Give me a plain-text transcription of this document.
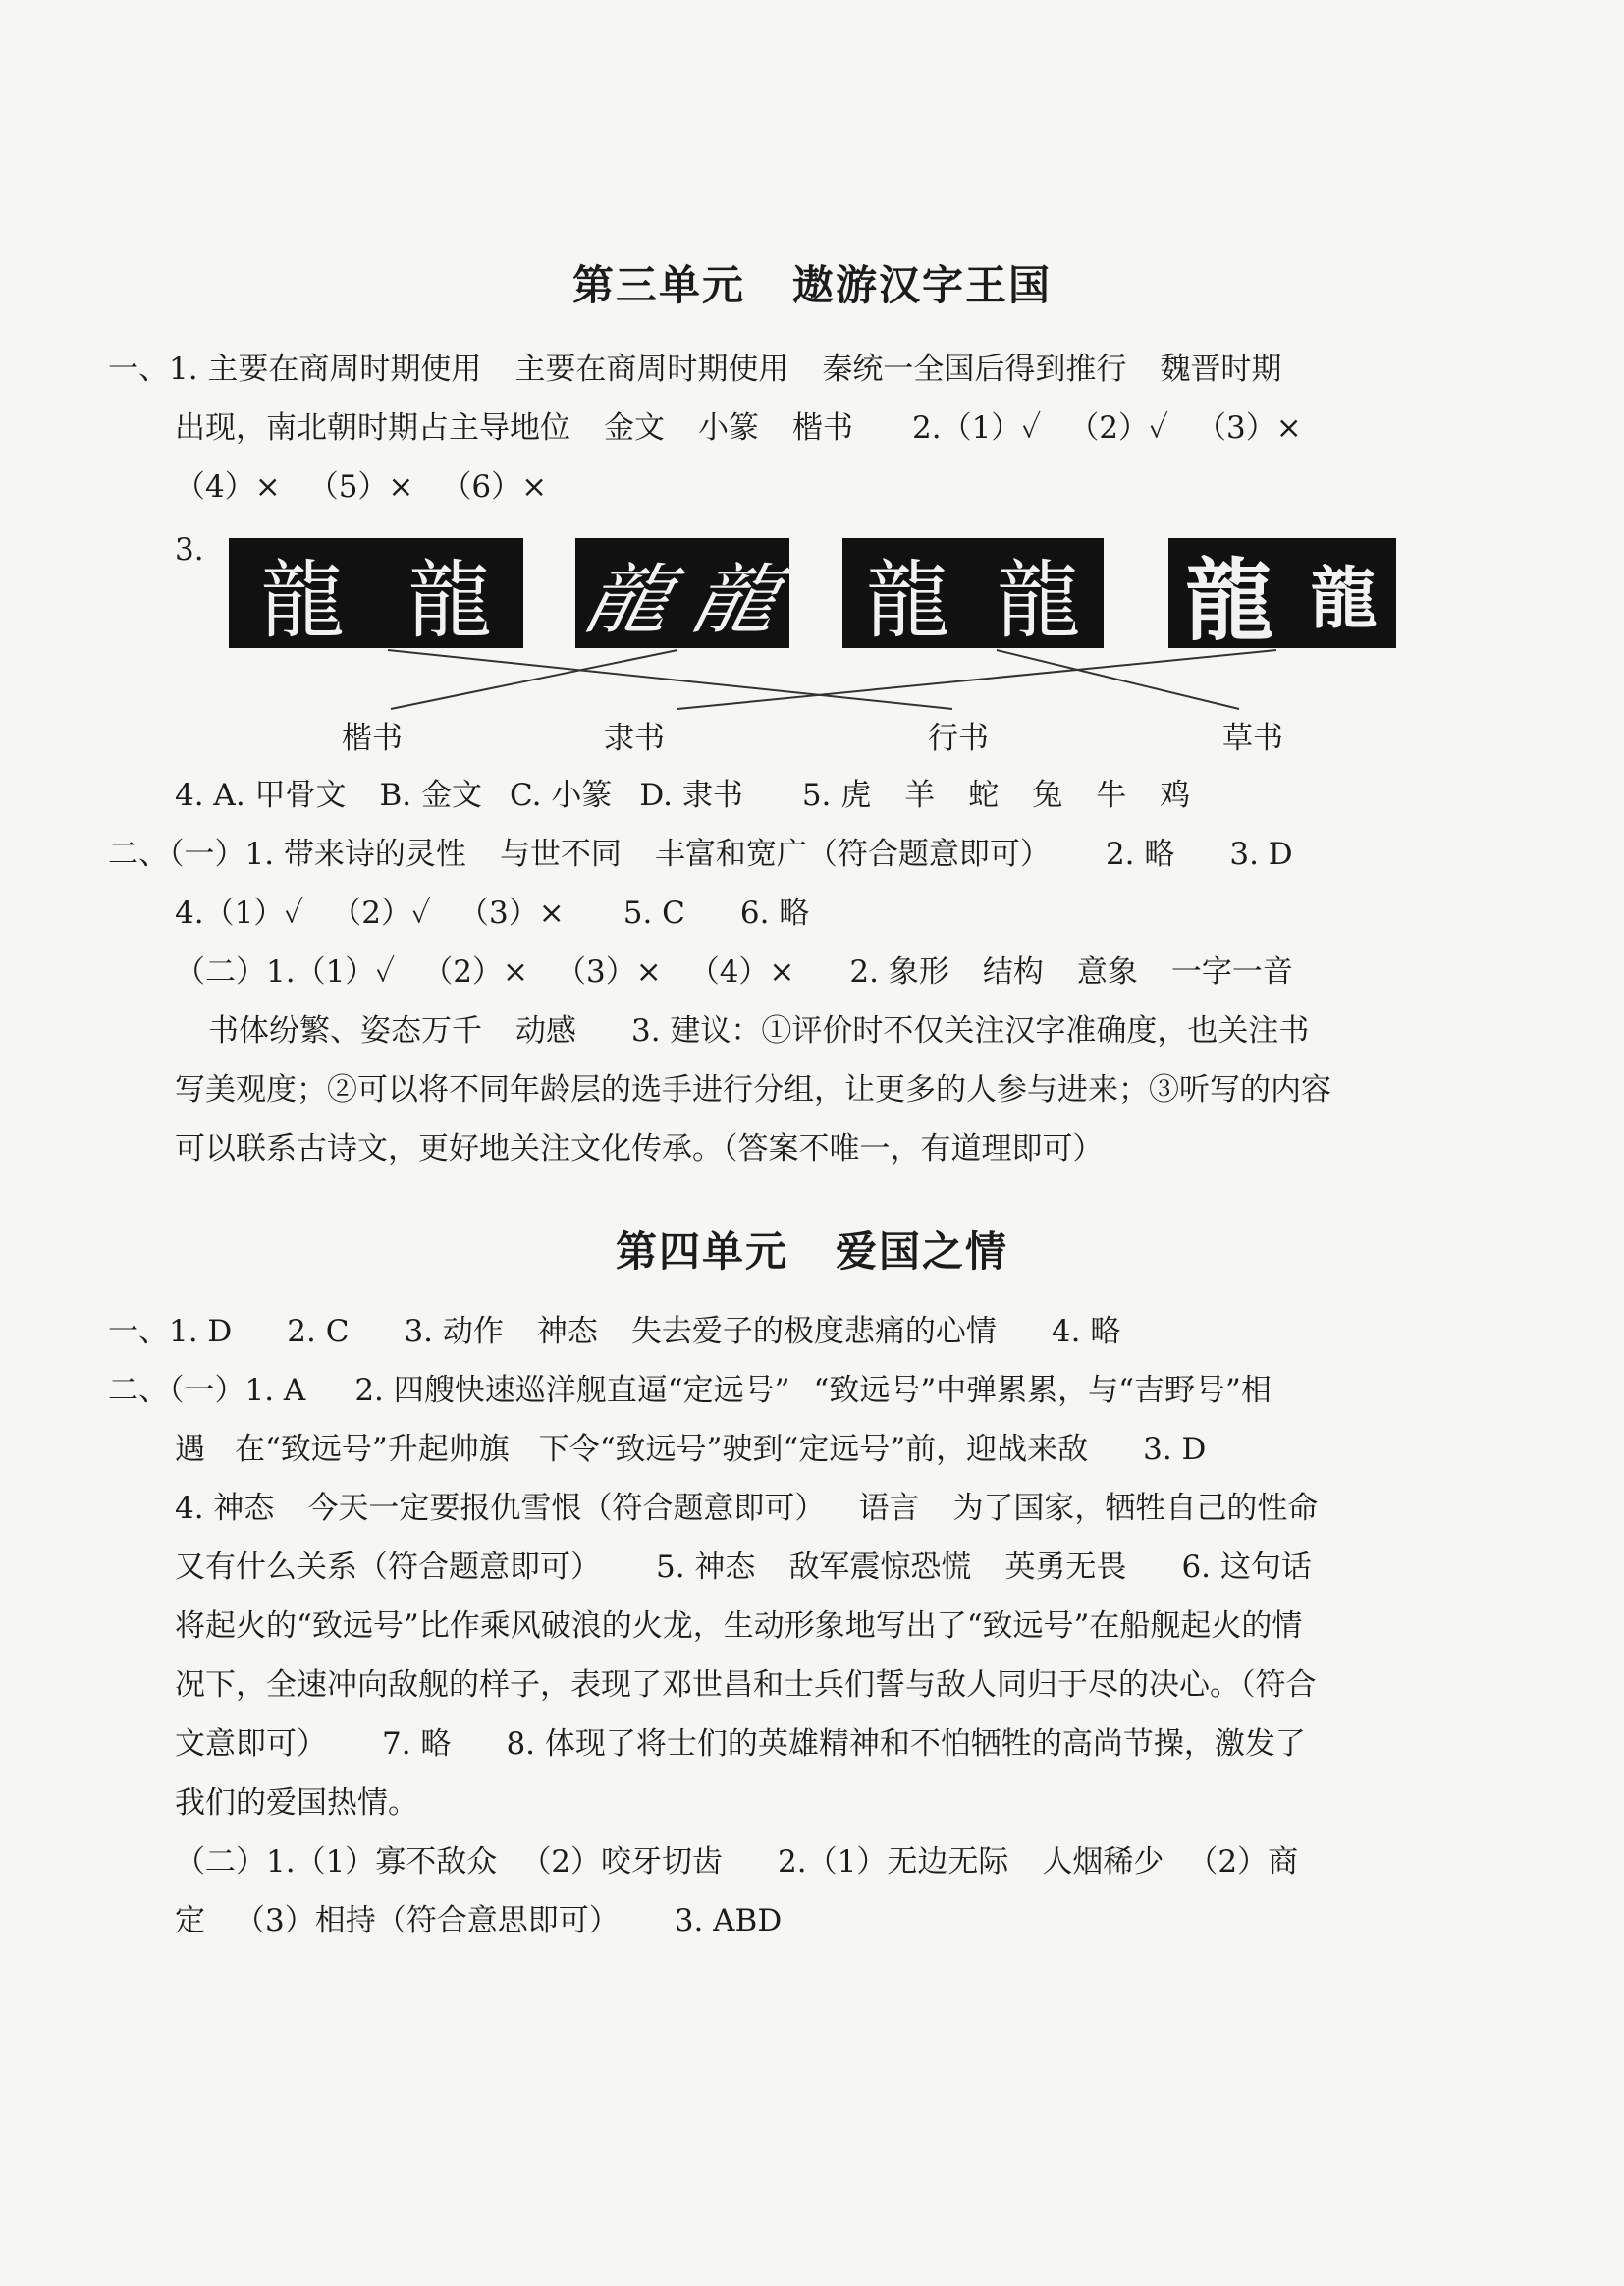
第三单元 遨游汉字王国
一、1. 主要在商周时期使用 主要在商周时期使用 秦统一全国后得到推行 魏晋时期
出现，南北朝时期占主导地位 金文 小篆 楷书 2.（1）✓ （2）✓ （3）×
（4）× （5）× （6）×
3.
龍 龍 龍 龍 龍 龍 龍 龍
楷书	隶书	行书	草书
4. A. 甲骨文 B. 金文 C. 小篆 D. 隶书 5. 虎 羊 蛇 兔 牛 鸡
二、（一）1. 带来诗的灵性 与世不同 丰富和宽广（符合题意即可） 2. 略 3. D
4.（1）✓ （2）✓ （3）× 5. C 6. 略
（二）1.（1）✓ （2）× （3）× （4）× 2. 象形 结构 意象 一字一音
书体纷繁、姿态万千 动感 3. 建议：①评价时不仅关注汉字准确度，也关注书
写美观度；②可以将不同年龄层的选手进行分组，让更多的人参与进来；③听写的内容
可以联系古诗文，更好地关注文化传承。（答案不唯一，有道理即可）
第四单元 爱国之情
一、1. D 2. C 3. 动作 神态 失去爱子的极度悲痛的心情 4. 略
二、（一）1. A 2. 四艘快速巡洋舰直逼“定远号” “致远号”中弹累累，与“吉野号”相
遇 在“致远号”升起帅旗 下令“致远号”驶到“定远号”前，迎战来敌 3. D
4. 神态 今天一定要报仇雪恨（符合题意即可） 语言 为了国家，牺牲自己的性命
又有什么关系（符合题意即可） 5. 神态 敌军震惊恐慌 英勇无畏 6. 这句话
将起火的“致远号”比作乘风破浪的火龙，生动形象地写出了“致远号”在船舰起火的情
况下，全速冲向敌舰的样子，表现了邓世昌和士兵们誓与敌人同归于尽的决心。（符合
文意即可） 7. 略 8. 体现了将士们的英雄精神和不怕牺牲的高尚节操，激发了
我们的爱国热情。
（二）1.（1）寡不敌众 （2）咬牙切齿 2.（1）无边无际 人烟稀少 （2）商
定 （3）相持（符合意思即可） 3. ABD
